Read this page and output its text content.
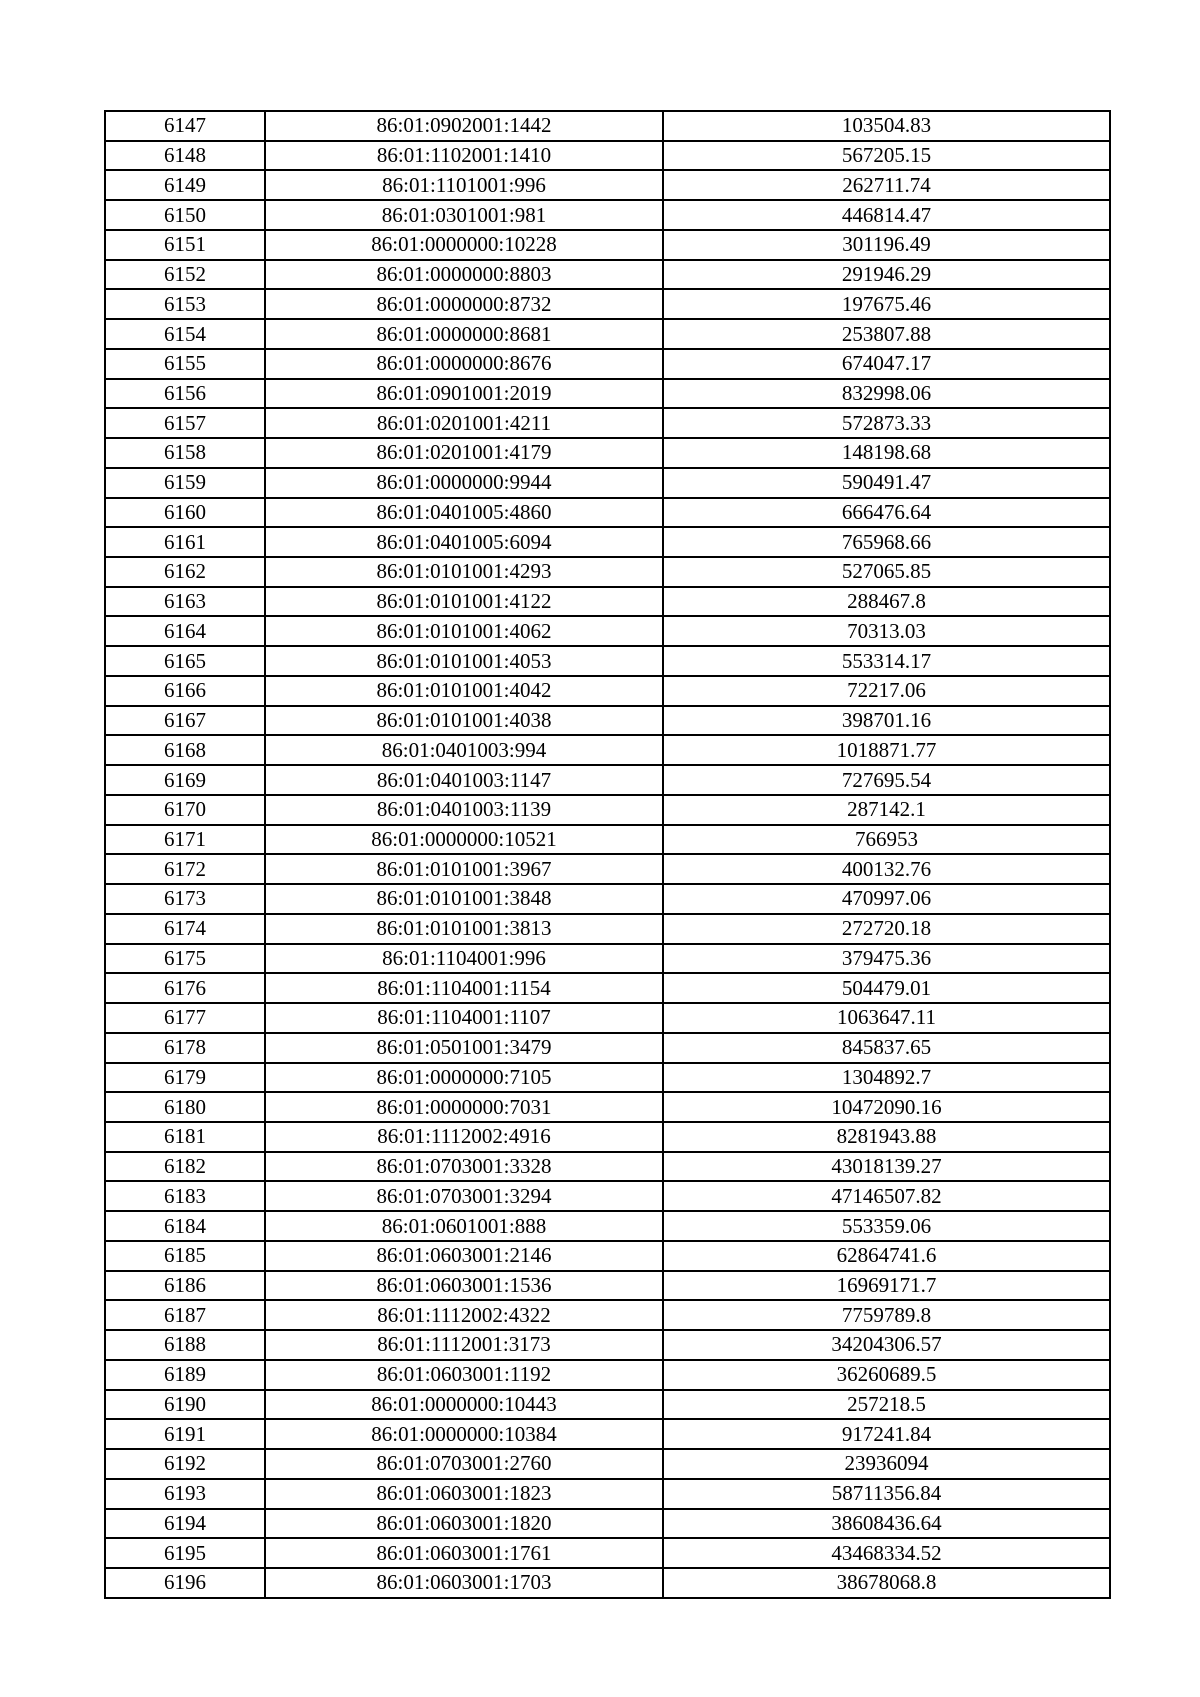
6147	86:01:0902001:1442	103504.83
6148	86:01:1102001:1410	567205.15
6149	86:01:1101001:996	262711.74
6150	86:01:0301001:981	446814.47
6151	86:01:0000000:10228	301196.49
6152	86:01:0000000:8803	291946.29
6153	86:01:0000000:8732	197675.46
6154	86:01:0000000:8681	253807.88
6155	86:01:0000000:8676	674047.17
6156	86:01:0901001:2019	832998.06
6157	86:01:0201001:4211	572873.33
6158	86:01:0201001:4179	148198.68
6159	86:01:0000000:9944	590491.47
6160	86:01:0401005:4860	666476.64
6161	86:01:0401005:6094	765968.66
6162	86:01:0101001:4293	527065.85
6163	86:01:0101001:4122	288467.8
6164	86:01:0101001:4062	70313.03
6165	86:01:0101001:4053	553314.17
6166	86:01:0101001:4042	72217.06
6167	86:01:0101001:4038	398701.16
6168	86:01:0401003:994	1018871.77
6169	86:01:0401003:1147	727695.54
6170	86:01:0401003:1139	287142.1
6171	86:01:0000000:10521	766953
6172	86:01:0101001:3967	400132.76
6173	86:01:0101001:3848	470997.06
6174	86:01:0101001:3813	272720.18
6175	86:01:1104001:996	379475.36
6176	86:01:1104001:1154	504479.01
6177	86:01:1104001:1107	1063647.11
6178	86:01:0501001:3479	845837.65
6179	86:01:0000000:7105	1304892.7
6180	86:01:0000000:7031	10472090.16
6181	86:01:1112002:4916	8281943.88
6182	86:01:0703001:3328	43018139.27
6183	86:01:0703001:3294	47146507.82
6184	86:01:0601001:888	553359.06
6185	86:01:0603001:2146	62864741.6
6186	86:01:0603001:1536	16969171.7
6187	86:01:1112002:4322	7759789.8
6188	86:01:1112001:3173	34204306.57
6189	86:01:0603001:1192	36260689.5
6190	86:01:0000000:10443	257218.5
6191	86:01:0000000:10384	917241.84
6192	86:01:0703001:2760	23936094
6193	86:01:0603001:1823	58711356.84
6194	86:01:0603001:1820	38608436.64
6195	86:01:0603001:1761	43468334.52
6196	86:01:0603001:1703	38678068.8
